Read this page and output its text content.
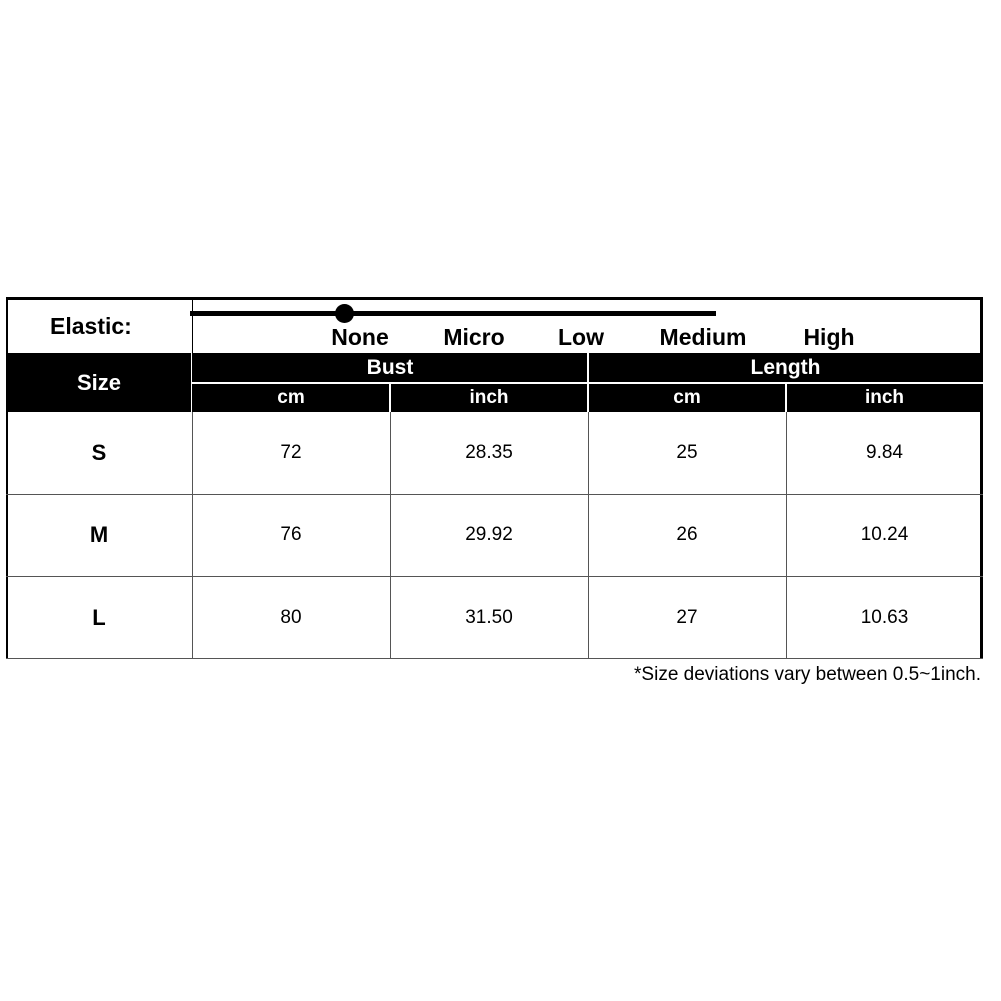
Elastic:	None Micro Low Medium High
Size
Bust
cm	inch
Length
cm	inch
S	72	28.35	25	9.84
M	76	29.92	26	10.24
L	80	31.50	27	10.63
*Size deviations vary between 0.5~1inch.
